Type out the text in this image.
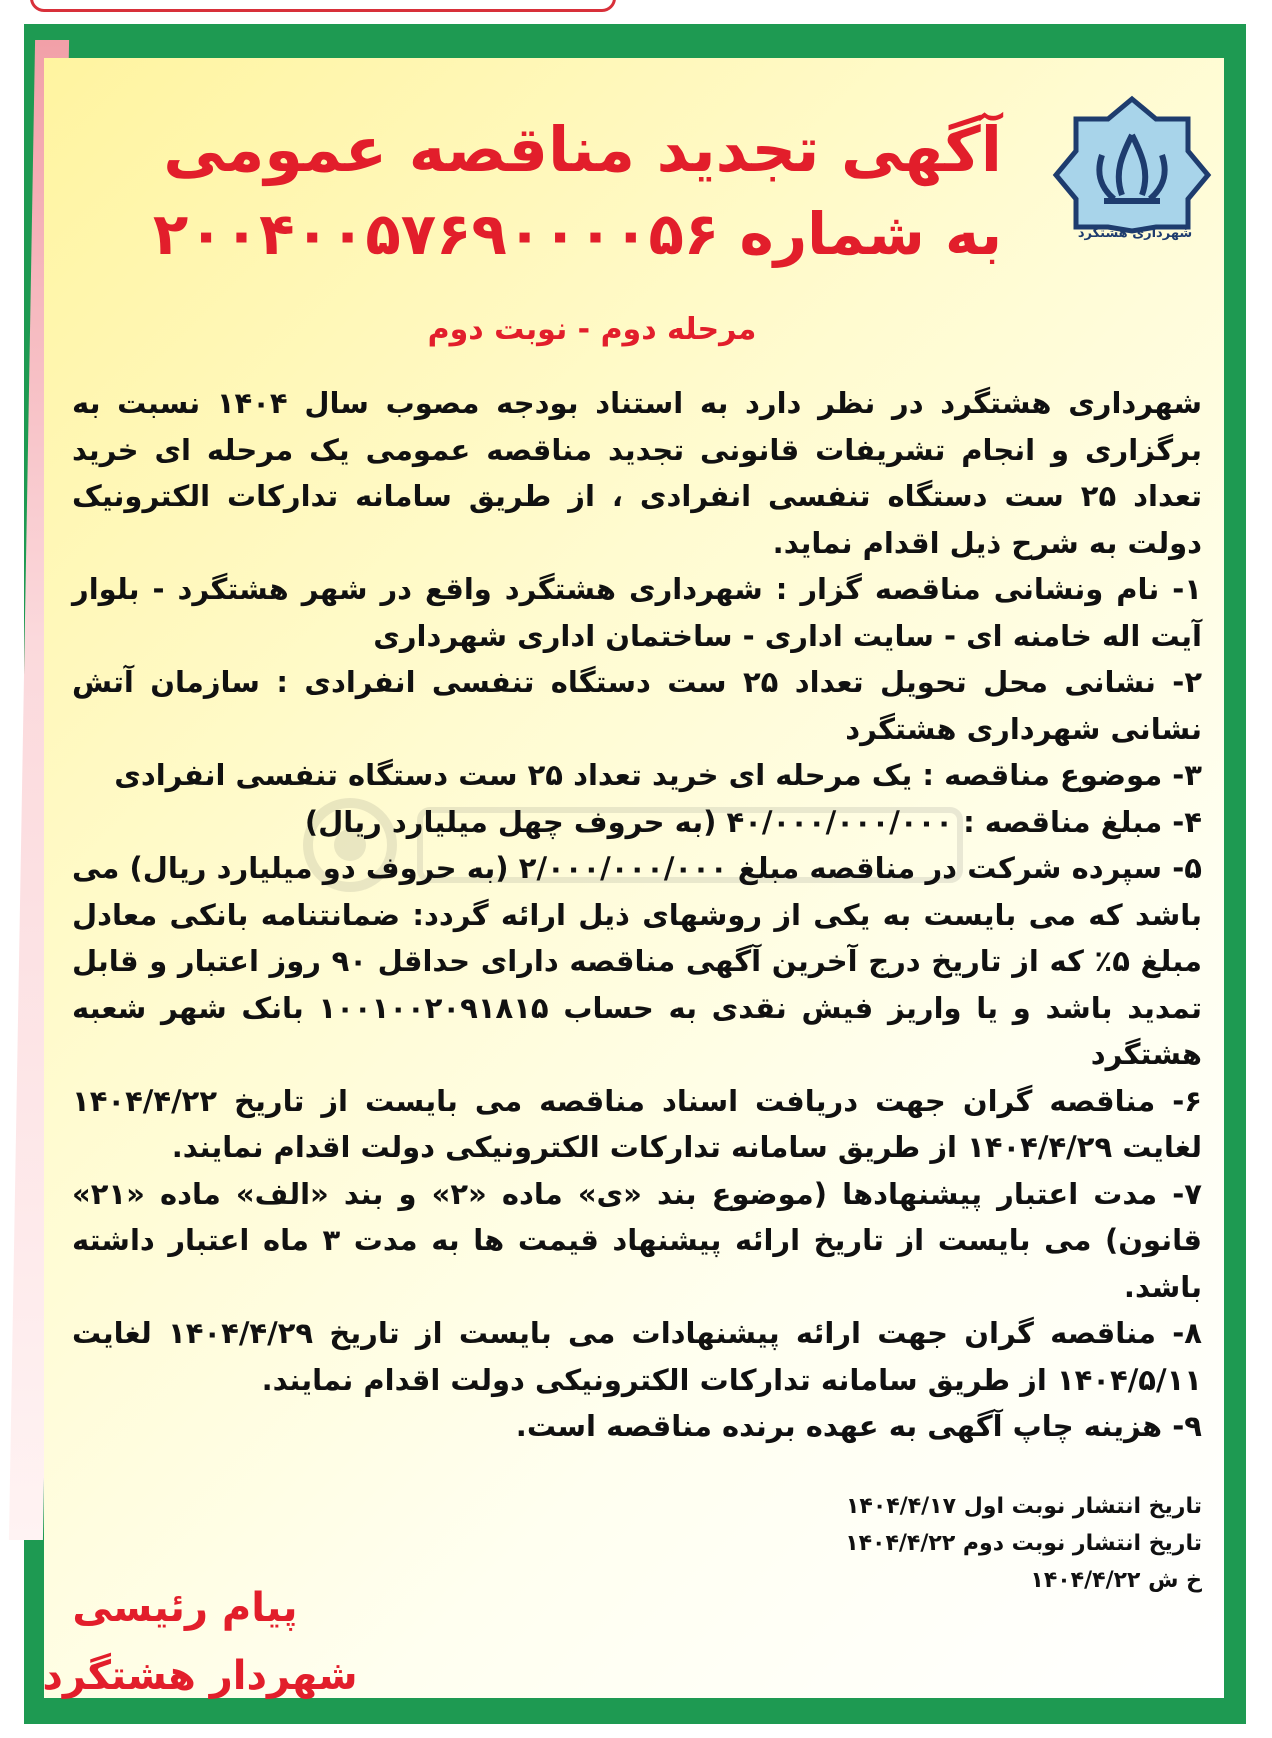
شهرداری هشتگرد
آگهی تجدید مناقصه عمومی
به شماره ۲۰۰۴۰۰۵۷۶۹۰۰۰۰۵۶
مرحله دوم - نوبت دوم

شهرداری هشتگرد در نظر دارد به استناد بودجه مصوب سال ۱۴۰۴ نسبت به برگزاری و انجام تشریفات قانونی تجدید مناقصه عمومی یک مرحله ای خرید تعداد ۲۵ ست دستگاه تنفسی انفرادی ، از طریق سامانه تدارکات الکترونیک دولت به شرح ذیل اقدام نماید.

۱- نام ونشانی مناقصه گزار : شهرداری هشتگرد واقع در شهر هشتگرد - بلوار آیت اله خامنه ای - سایت اداری - ساختمان اداری شهرداری

۲- نشانی محل تحویل تعداد ۲۵ ست دستگاه تنفسی انفرادی : سازمان آتش نشانی شهرداری هشتگرد

۳- موضوع مناقصه : یک مرحله ای خرید تعداد ۲۵ ست دستگاه تنفسی انفرادی

۴- مبلغ مناقصه : ۴۰/۰۰۰/۰۰۰/۰۰۰ (به حروف چهل میلیارد ریال)

۵- سپرده شرکت در مناقصه مبلغ ۲/۰۰۰/۰۰۰/۰۰۰ (به حروف دو میلیارد ریال) می باشد که می بایست به یکی از روشهای ذیل ارائه گردد: ضمانتنامه بانکی معادل مبلغ ۵٪ که از تاریخ درج آخرین آگهی مناقصه دارای حداقل ۹۰ روز اعتبار و قابل تمدید باشد و یا واریز فیش نقدی به حساب ۱۰۰۱۰۰۲۰۹۱۸۱۵ بانک شهر شعبه هشتگرد

۶- مناقصه گران جهت دریافت اسناد مناقصه می بایست از تاریخ ۱۴۰۴/۴/۲۲ لغایت ۱۴۰۴/۴/۲۹ از طریق سامانه تدارکات الکترونیکی دولت اقدام نمایند.

۷- مدت اعتبار پیشنهادها (موضوع بند «ی» ماده «۲» و بند «الف» ماده «۲۱» قانون) می بایست از تاریخ ارائه پیشنهاد قیمت ها به مدت ۳ ماه اعتبار داشته باشد.

۸- مناقصه گران جهت ارائه پیشنهادات می بایست از تاریخ ۱۴۰۴/۴/۲۹ لغایت ۱۴۰۴/۵/۱۱ از طریق سامانه تدارکات الکترونیکی دولت اقدام نمایند.

۹- هزینه چاپ آگهی به عهده برنده مناقصه است.

تاریخ انتشار نوبت اول ۱۴۰۴/۴/۱۷

تاریخ انتشار نوبت دوم ۱۴۰۴/۴/۲۲

خ ش ۱۴۰۴/۴/۲۲

پیام رئیسی
شهردار هشتگرد
